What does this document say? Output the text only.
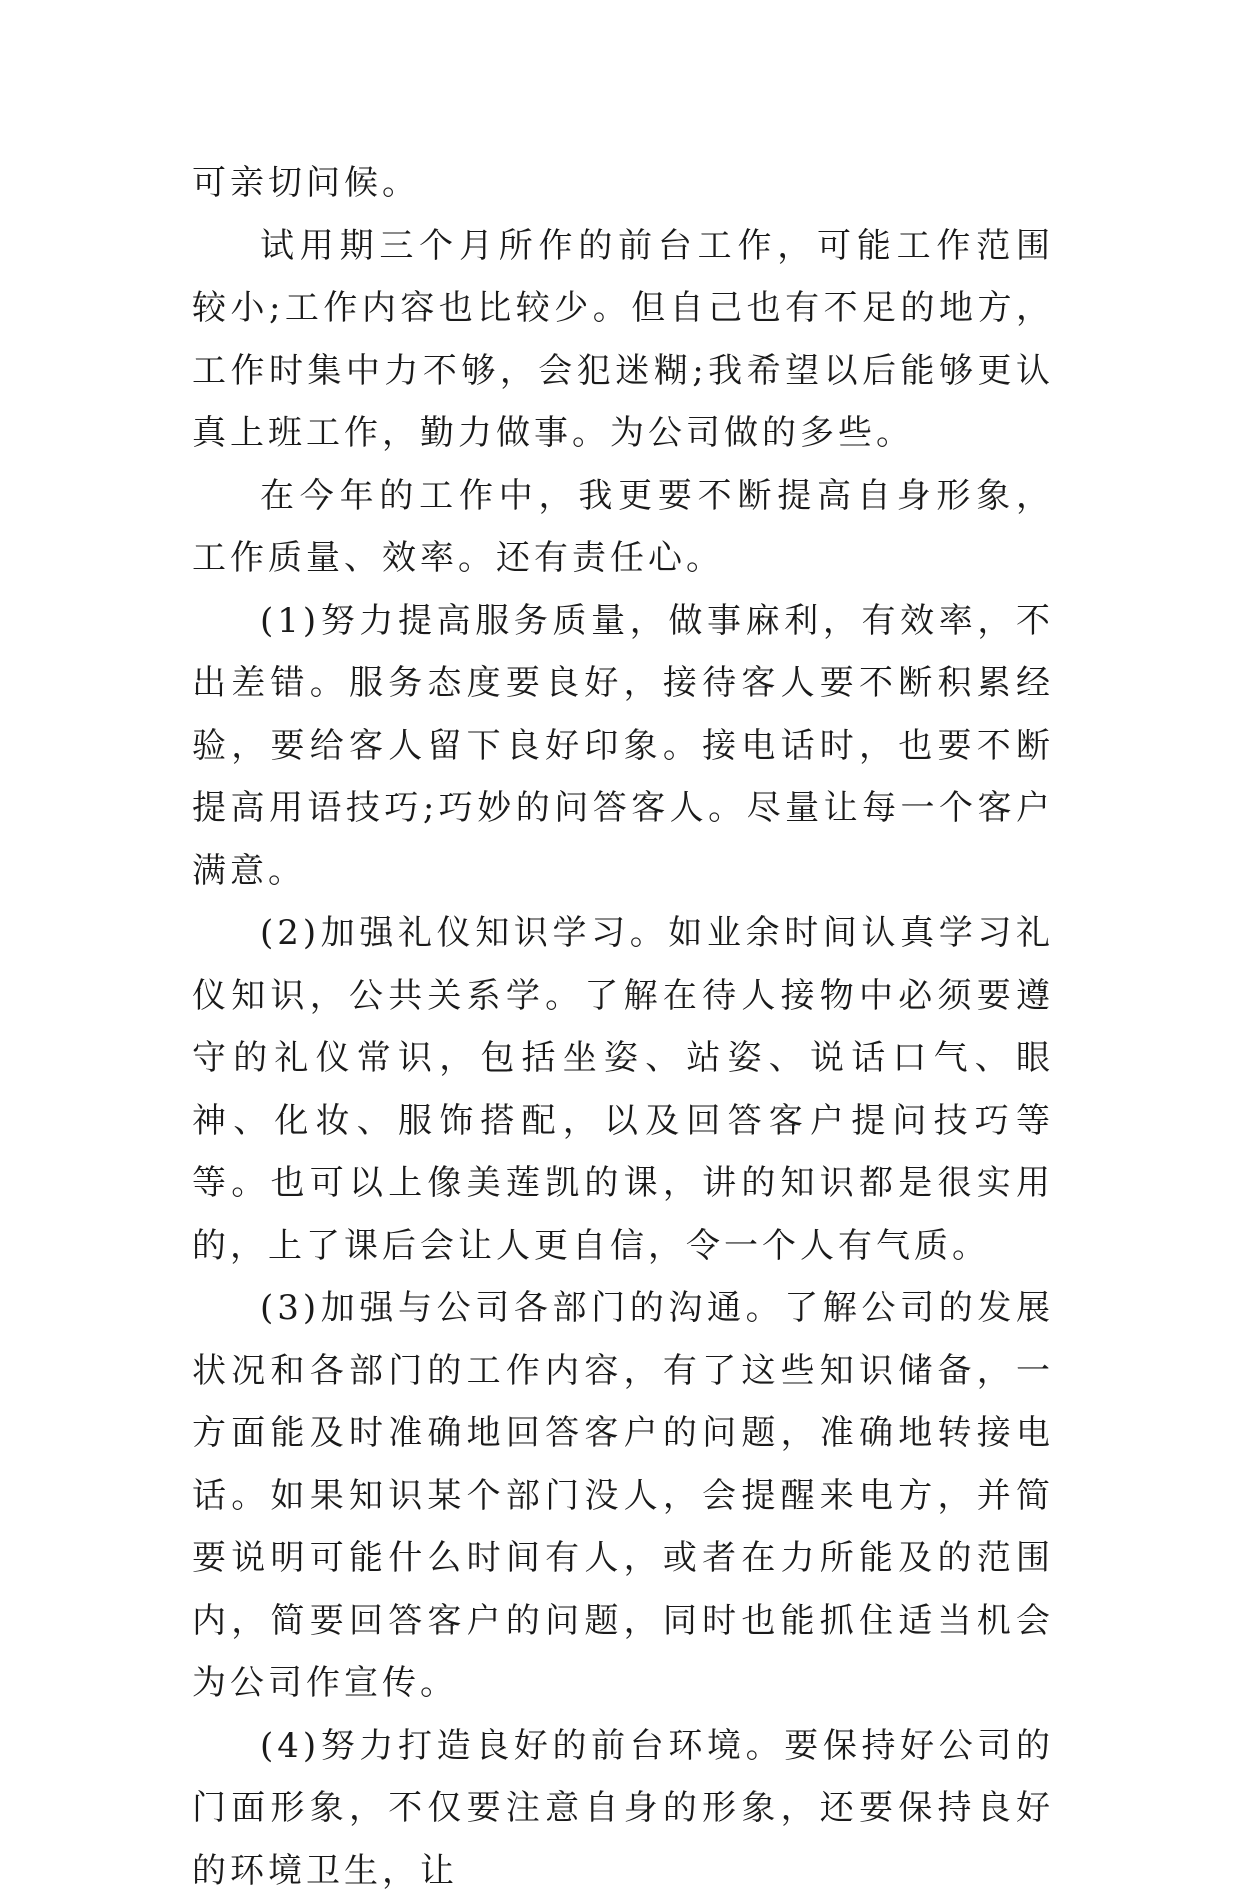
可亲切问候。

试用期三个月所作的前台工作，可能工作范围较小;工作内容也比较少。但自己也有不足的地方，工作时集中力不够，会犯迷糊;我希望以后能够更认真上班工作，勤力做事。为公司做的多些。

在今年的工作中，我更要不断提高自身形象，工作质量、效率。还有责任心。

(1)努力提高服务质量，做事麻利，有效率，不出差错。服务态度要良好，接待客人要不断积累经验，要给客人留下良好印象。接电话时，也要不断提高用语技巧;巧妙的问答客人。尽量让每一个客户满意。

(2)加强礼仪知识学习。如业余时间认真学习礼仪知识，公共关系学。了解在待人接物中必须要遵守的礼仪常识，包括坐姿、站姿、说话口气、眼神、化妆、服饰搭配，以及回答客户提问技巧等等。也可以上像美莲凯的课，讲的知识都是很实用的，上了课后会让人更自信，令一个人有气质。

(3)加强与公司各部门的沟通。了解公司的发展状况和各部门的工作内容，有了这些知识储备，一方面能及时准确地回答客户的问题，准确地转接电话。如果知识某个部门没人，会提醒来电方，并简要说明可能什么时间有人，或者在力所能及的范围内，简要回答客户的问题，同时也能抓住适当机会为公司作宣传。

(4)努力打造良好的前台环境。要保持好公司的门面形象，不仅要注意自身的形象，还要保持良好的环境卫生，让
